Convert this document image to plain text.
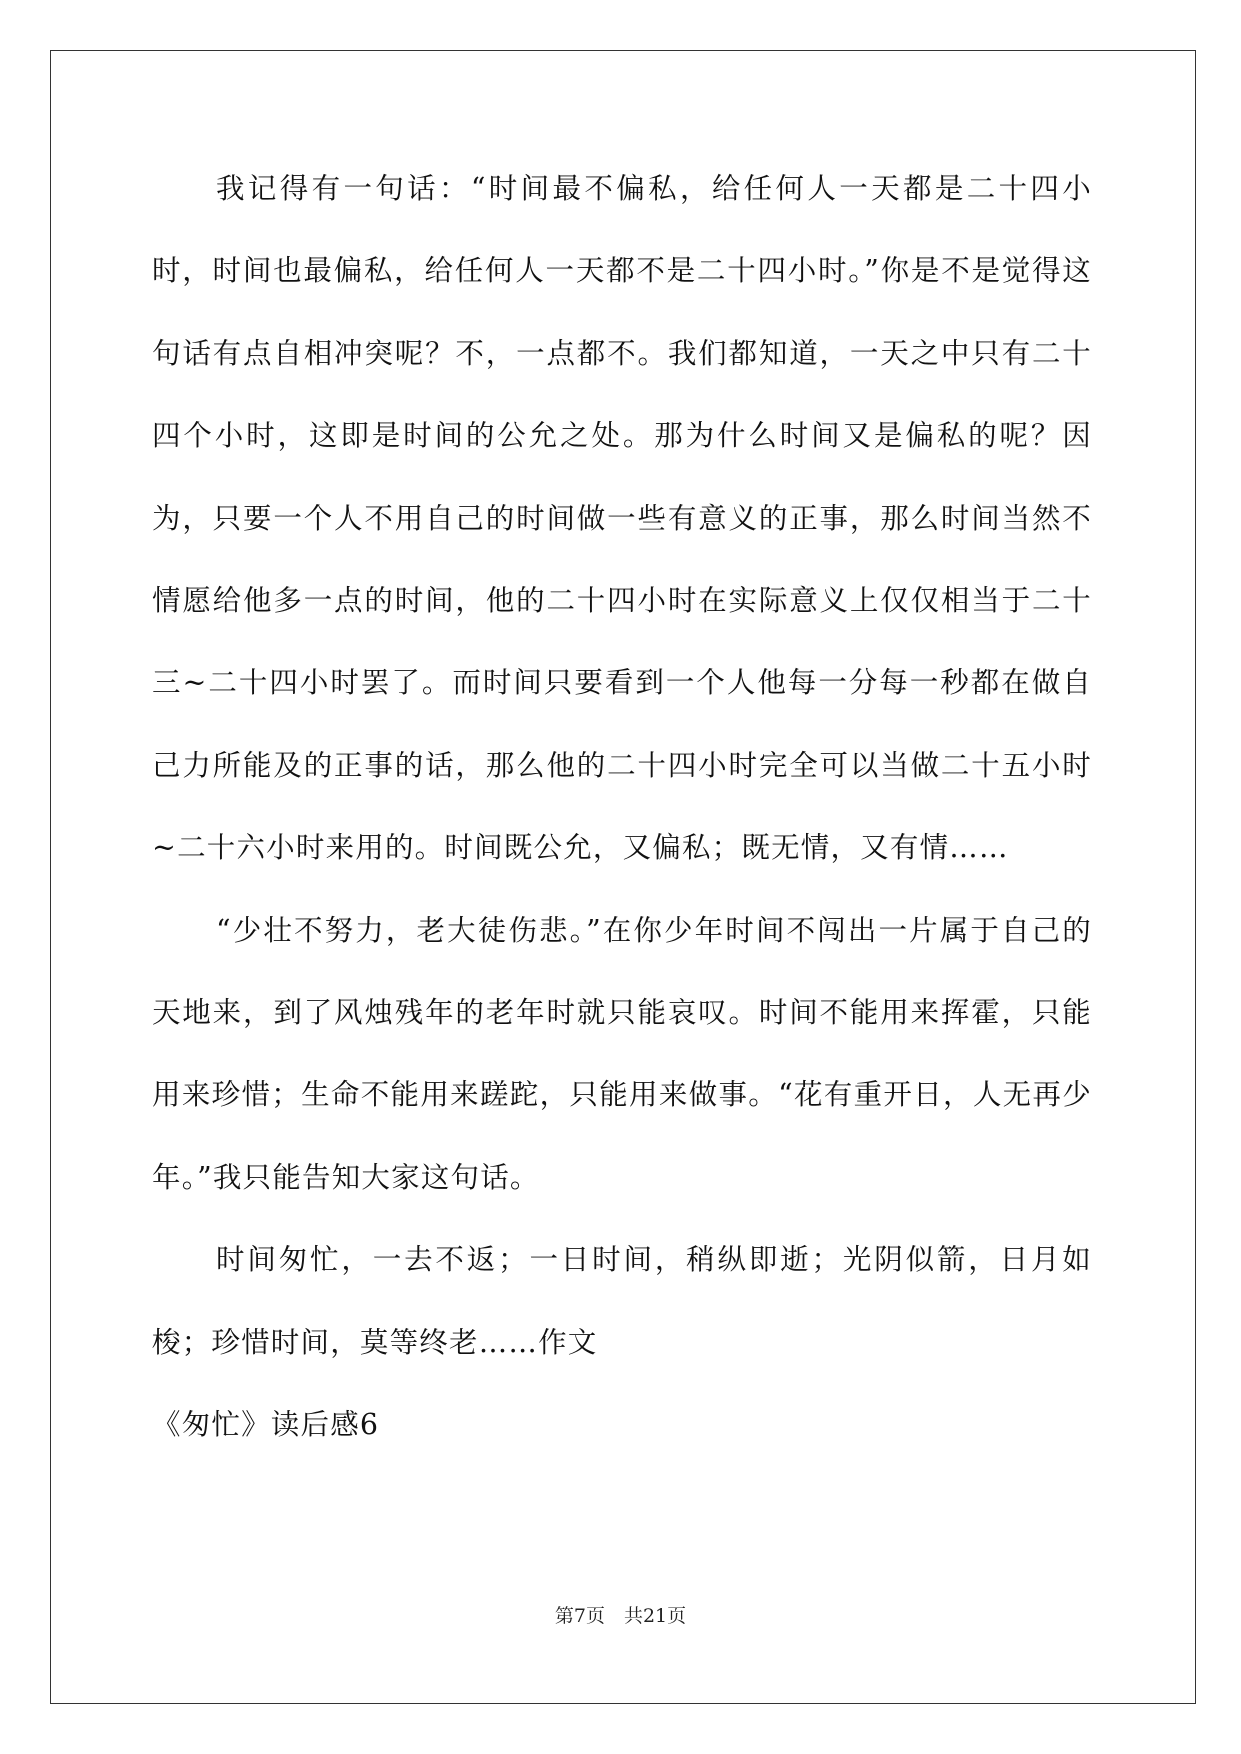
我记得有一句话：“时间最不偏私，给任何人一天都是二十四小时，时间也最偏私，给任何人一天都不是二十四小时。”你是不是觉得这句话有点自相冲突呢？不，一点都不。我们都知道，一天之中只有二十四个小时，这即是时间的公允之处。那为什么时间又是偏私的呢？因为，只要一个人不用自己的时间做一些有意义的正事，那么时间当然不情愿给他多一点的时间，他的二十四小时在实际意义上仅仅相当于二十三~二十四小时罢了。而时间只要看到一个人他每一分每一秒都在做自己力所能及的正事的话，那么他的二十四小时完全可以当做二十五小时~二十六小时来用的。时间既公允，又偏私；既无情，又有情……

“少壮不努力，老大徒伤悲。”在你少年时间不闯出一片属于自己的天地来，到了风烛残年的老年时就只能哀叹。时间不能用来挥霍，只能用来珍惜；生命不能用来蹉跎，只能用来做事。“花有重开日，人无再少年。”我只能告知大家这句话。

时间匆忙，一去不返；一日时间，稍纵即逝；光阴似箭，日月如梭；珍惜时间，莫等终老……作文

《匆忙》读后感6

第7页　共21页
